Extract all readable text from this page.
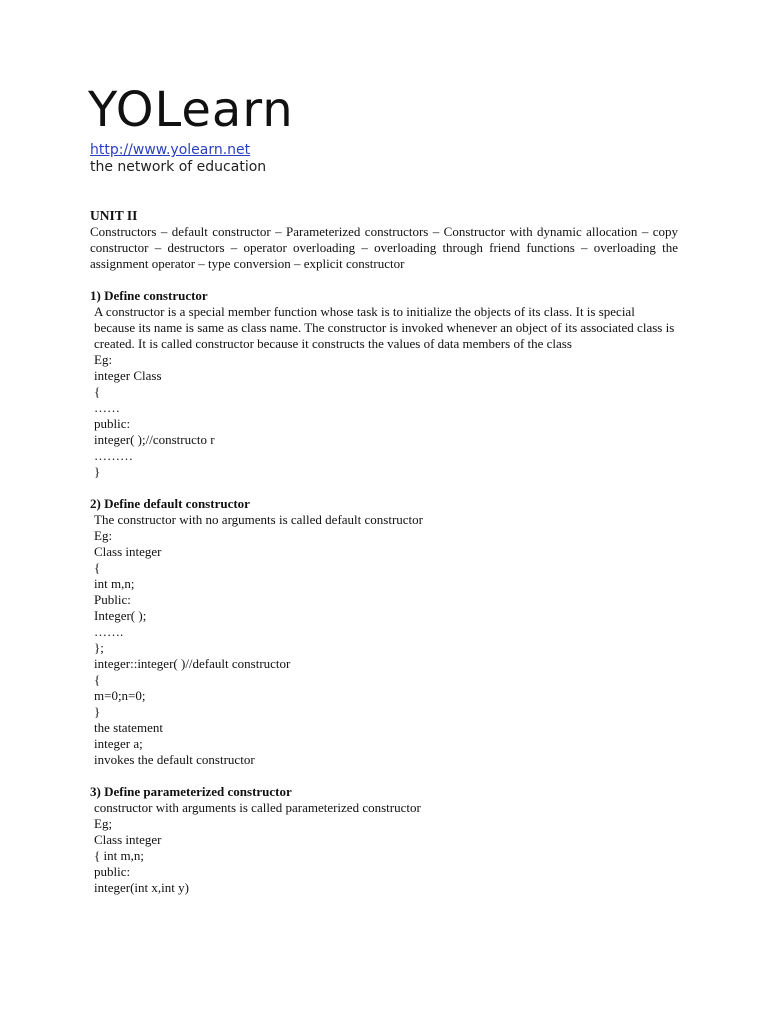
YOLearn
http://www.yolearn.net
the network of education

UNIT II

Constructors – default constructor – Parameterized constructors – Constructor with dynamic allocation – copy constructor – destructors – operator overloading – overloading through friend functions – overloading the assignment operator – type conversion – explicit constructor

1) Define constructor

A constructor is a special member function whose task is to initialize the objects of its class. It is special because its name is same as class name. The constructor is invoked whenever an object of its associated class is created. It is called constructor because it constructs the values of data members of the class

Eg:

integer Class

{

……

public:

integer( );//constructo r

………

}

2) Define default constructor

The constructor with no arguments is called default constructor

Eg:

Class integer

{

int m,n;

Public:

Integer( );

…….

};

integer::integer( )//default constructor

{

m=0;n=0;

}

the statement

integer a;

invokes the default constructor

3) Define parameterized constructor

constructor with arguments is called parameterized constructor

Eg;

Class integer

{ int m,n;

public:

integer(int x,int y)
